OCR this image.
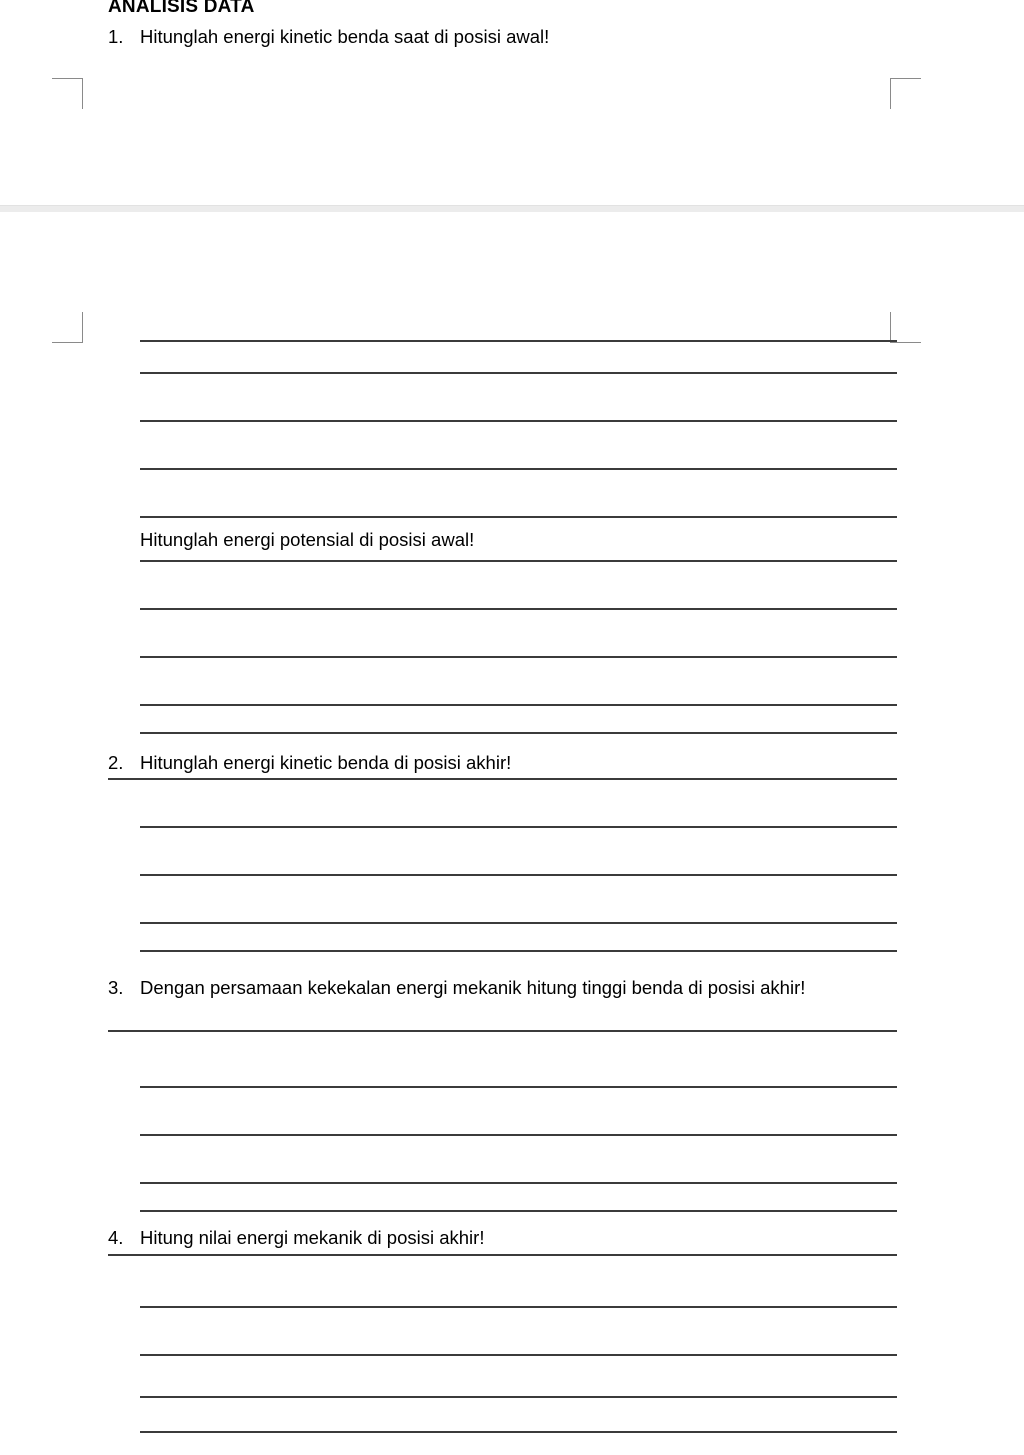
ANALISIS DATA
1. Hitunglah energi kinetic benda saat di posisi awal!
Hitunglah energi potensial di posisi awal!
2. Hitunglah energi kinetic benda di posisi akhir!
3. Dengan persamaan kekekalan energi mekanik hitung tinggi benda di posisi akhir!
4. Hitung nilai energi mekanik di posisi akhir!
